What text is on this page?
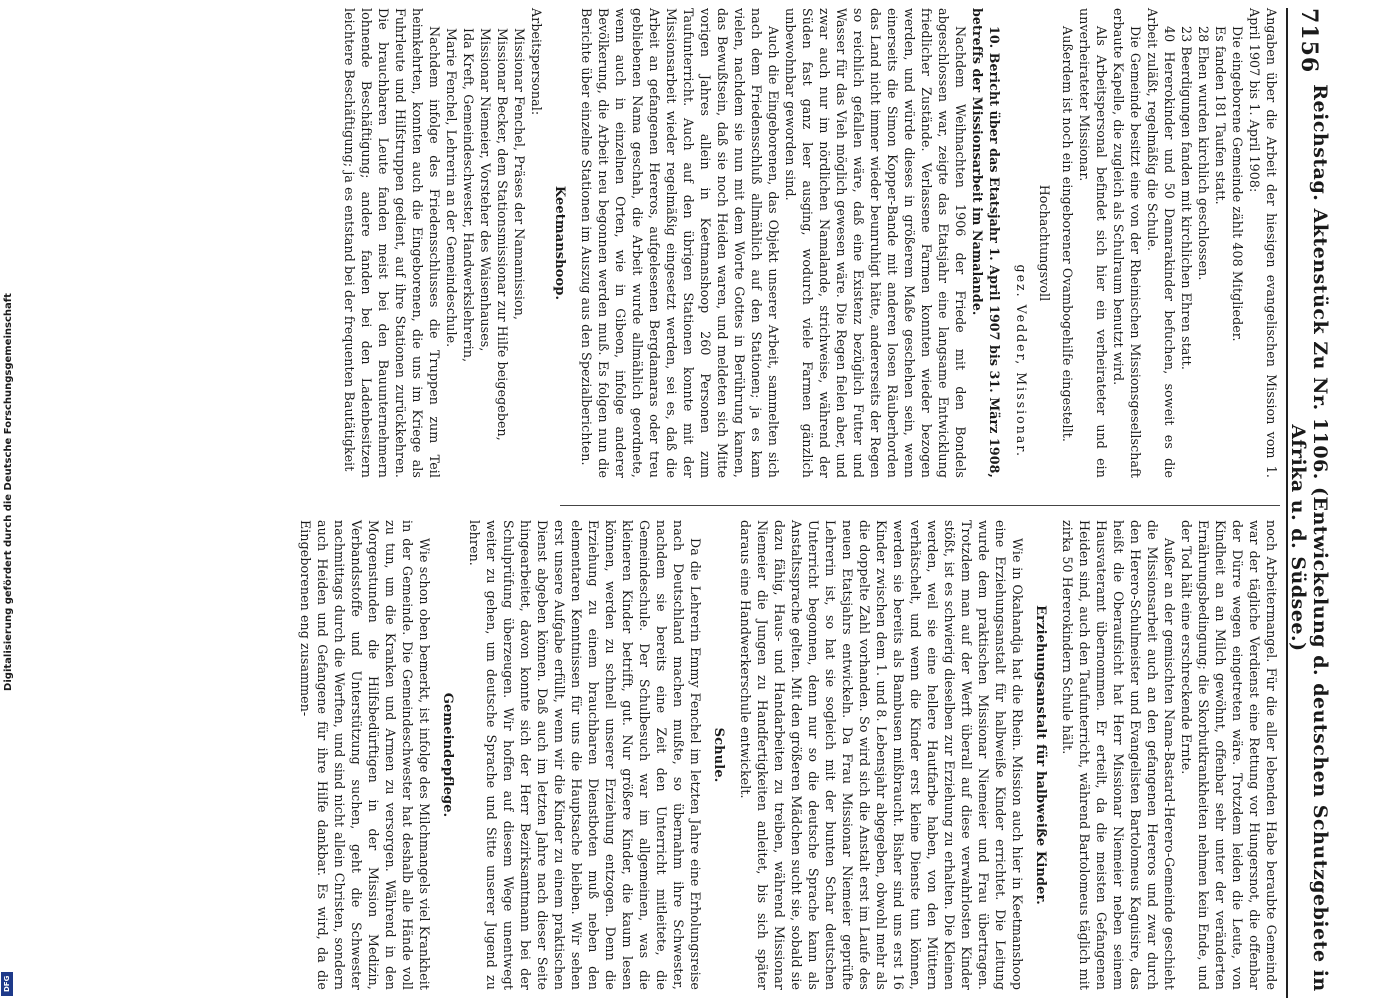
Digitalisierung gefördert durch die Deutsche Forschungsgemeinschaft
DFG
7156
Reichstag. Aktenstück Zu Nr. 1106. (Entwickelung d. deutschen Schutzgebiete in Afrika u. d. Südsee.)

Angaben über die Arbeit der hiesigen evangelischen Mission vom 1. April 1907 bis 1. April 1908:

Die eingeborene Gemeinde zählt 408 Mitglieder.

Es fanden 181 Taufen statt.

28 Ehen wurden kirchlich geschlossen.

23 Beerdigungen fanden mit kirchlichen Ehren statt.

40 Hererokinder und 50 Damarakinder befuchen, soweit es die Arbeit zuläßt, regelmäßig die Schule.

Die Gemeinde besitzt eine von der Rheinischen Missionsgesellschaft erbaute Kapelle, die zugleich als Schulraum benutzt wird.

Als Arbeitspersonal befindet sich hier ein verheirateter und ein unverheirateter Missionar.

Außerdem ist noch ein eingeborener Ovambogehilfe eingestellt.

Hochachtungsvoll

gez. Vedder, Missionar.

10. Bericht über das Etatsjahr 1. April 1907 bis 31. März 1908, betreffs der Missionsarbeit im Namalande.

Nachdem Weihnachten 1906 der Friede mit den Bondels abgeschlossen war, zeigte das Etatsjahr eine langsame Entwicklung friedlicher Zustände. Verlassene Farmen konnten wieder bezogen werden, und würde dieses in größerem Maße geschehen sein, wenn einerseits die Simon Kopper-Bande mit anderen losen Räuberhorden das Land nicht immer wieder beunruhigt hätte, andererseits der Regen so reichlich gefallen wäre, daß eine Existenz bezüglich Futter und Wasser für das Vieh möglich gewesen wäre. Die Regen fielen aber, und zwar auch nur im nördlichen Namalande, strichweise, während der Süden fast ganz leer ausging, wodurch viele Farmen gänzlich unbewohnbar geworden sind.

Auch die Eingeborenen, das Objekt unserer Arbeit, sammelten sich nach dem Friedensschluß allmählich auf den Stationen; ja es kam vielen, nachdem sie nun mit dem Worte Gottes in Berührung kamen, das Bewußtsein, daß sie noch Heiden waren, und meldeten sich Mitte vorigen Jahres allein in Keetmanshoop 260 Personen zum Taufunterricht. Auch auf den übrigen Stationen konnte mit der Missionsarbeit wieder regelmäßig eingesetzt werden, sei es, daß die Arbeit an gefangenen Hereros, aufgelesenen Bergdamaras oder treu gebliebenen Nama geschah, die Arbeit wurde allmählich geordnete, wenn auch in einzelnen Orten, wie in Gibeon, infolge anderer Bevölkerung, die Arbeit neu begonnen werden muß. Es folgen nun die Berichte über einzelne Stationen im Auszug aus den Spezialberichten.

Keetmanshoop.

Arbeitspersonal:

Missionar Fenchel, Präses der Namamission,

Missionar Becker, dem Stationsmissionar zur Hilfe beigegeben,

Missionar Niemeier, Vorsteher des Waisenhauses,

Ida Kreft, Gemeindeschwester, Handwerkslehrerin,

Marie Fenchel, Lehrerin an der Gemeindeschule.

Nachdem infolge des Friedensschlusses die Truppen zum Teil heimkehrten, konnten auch die Eingeborenen, die uns im Kriege als Fuhrleute und Hilfstruppen gedient, auf ihre Stationen zurückkehren. Die brauchbaren Leute fanden meist bei den Bauunternehmern lohnende Beschäftigung; andere fanden bei den Ladenbesitzern leichtere Beschäftigung; ja es entstand bei der frequenten Bautätigkeit

noch Arbeitermangel. Für die aller lebenden Habe beraubte Gemeinde war der tägliche Verdienst eine Rettung vor Hungersnot, die offenbar der Dürre wegen eingetreten wäre. Trotzdem leiden die Leute, von Kindheit an an Milch gewöhnt, offenbar sehr unter der veränderten Ernährungsbedingung; die Skorbutkrankheiten nehmen kein Ende, und der Tod hält eine erschreckende Ernte.

Außer an der gemischten Nama-Bastard-Herero-Gemeinde geschieht die Missionsarbeit auch an den gefangenen Hereros und zwar durch den Herero-Schulmeister und Evangelisten Bartolomeus Kaguisire, das heißt die Oberaufsicht hat Herr Missionar Niemeier neben seinem Hausvateramt übernommen. Er erteilt, da die meisten Gefangenen Heiden sind, auch den Taufunterricht, während Bartolomeus täglich mit zirka 50 Hererokindern Schule hält.

Erziehungsanstalt für halbweiße Kinder.

Wie in Okahandja hat die Rhein. Mission auch hier in Keetmanshoop eine Erziehungsanstalt für halbweiße Kinder errichtet. Die Leitung wurde dem praktischen Missionar Niemeier und Frau übertragen. Trotzdem man auf der Werft überall auf diese verwahrlosten Kinder stößt, ist es schwierig dieselben zur Erziehung zu erhalten. Die Kleinen werden, weil sie eine hellere Hautfarbe haben, von den Müttern verhätschelt, und wenn die Kinder erst kleine Dienste tun können, werden sie bereits als Bambusen mißbraucht. Bisher sind uns erst 16 Kinder zwischen dem 1. und 8. Lebensjahr abgegeben, obwohl mehr als die doppelte Zahl vorhanden. So wird sich die Anstalt erst im Laufe des neuen Etatsjahrs entwickeln. Da Frau Missionar Niemeier geprüfte Lehrerin ist, so hat sie sogleich mit der bunten Schar deutschen Unterricht begonnen, denn nur so die deutsche Sprache kann als Anstaltssprache gelten. Mit den größeren Mädchen sucht sie, sobald sie dazu fähig, Haus- und Handarbeiten zu treiben, während Missionar Niemeier die Jungen zu Handfertigkeiten anleitet, bis sich später daraus eine Handwerkerschule entwickelt.

Schule.

Da die Lehrerin Emmy Fenchel im letzten Jahre eine Erholungsreise nach Deutschland machen mußte, so übernahm ihre Schwester, nachdem sie bereits eine Zeit den Unterricht mitleitete, die Gemeindeschule. Der Schulbesuch war im allgemeinen, was die kleineren Kinder betrifft, gut. Nur größere Kinder, die kaum lesen können, werden zu schnell unserer Erziehung entzogen. Denn die Erziehung zu einem brauchbaren Dienstboten muß neben den elementaren Kenntnissen für uns die Hauptsache bleiben. Wir sehen erst unsere Aufgabe erfüllt, wenn wir die Kinder zu einem praktischen Dienst abgeben können. Daß auch im letzten Jahre nach dieser Seite hingearbeitet, davon konnte sich der Herr Bezirksamtmann bei der Schulprüfung überzeugen. Wir hoffen auf diesem Wege unentwegt weiter zu gehen, um deutsche Sprache und Sitte unserer Jugend zu lehren.

Gemeindepflege.

Wie schon oben bemerkt, ist infolge des Milchmangels viel Krankheit in der Gemeinde. Die Gemeindeschwester hat deshalb alle Hände voll zu tun, um die Kranken und Armen zu versorgen. Während in den Morgenstunden die Hilfsbedürftigen in der Mission Medizin, Verbandsstoffe und Unterstützung suchen, geht die Schwester nachmittags durch die Werften, und sind nicht allein Christen, sondern auch Heiden und Gefangene für ihre Hilfe dankbar. Es wird, da die Eingeborenen eng zusammen-
